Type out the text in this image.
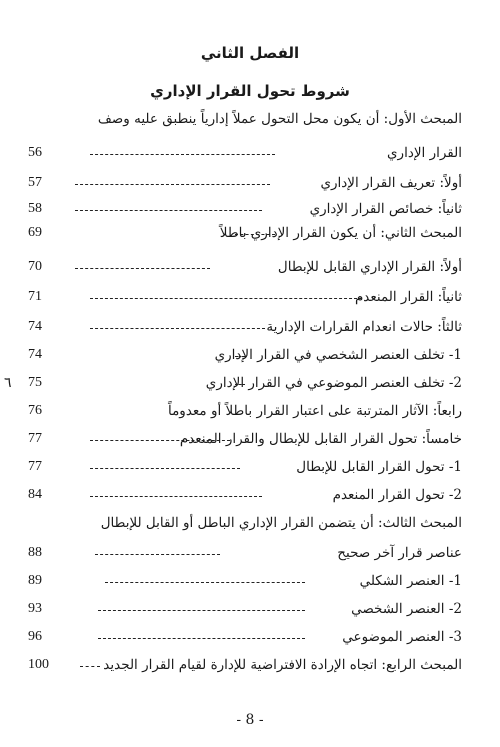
الفصل الثاني
شروط تحول القرار الإداري
المبحث الأول: أن يكون محل التحول عملاً إدارياً ينطبق عليه وصف
القرار الإداري
56
أولاً: تعريف القرار الإداري
57
ثانياً: خصائص القرار الإداري
58
المبحث الثاني: أن يكون القرار الإداري باطلاً
69
أولاً: القرار الإداري القابل للإبطال
70
ثانياً: القرار المنعدم
71
ثالثاً: حالات انعدام القرارات الإدارية
74
1- تخلف العنصر الشخصي في القرار الإداري
74
2- تخلف العنصر الموضوعي في القرار الإداري
75
٦
رابعاً: الآثار المترتبة على اعتبار القرار باطلاً أو معدوماً
76
خامساً: تحول القرار القابل للإبطال والقرار المنعدم
77
1- تحول القرار القابل للإبطال
77
2- تحول القرار المنعدم
84
المبحث الثالث: أن يتضمن القرار الإداري الباطل أو القابل للإبطال
عناصر قرار آخر صحيح
88
1- العنصر الشكلي
89
2- العنصر الشخصي
93
3- العنصر الموضوعي
96
المبحث الرابع: اتجاه الإرادة الافتراضية للإدارة لقيام القرار الجديد
100
- 8 -
